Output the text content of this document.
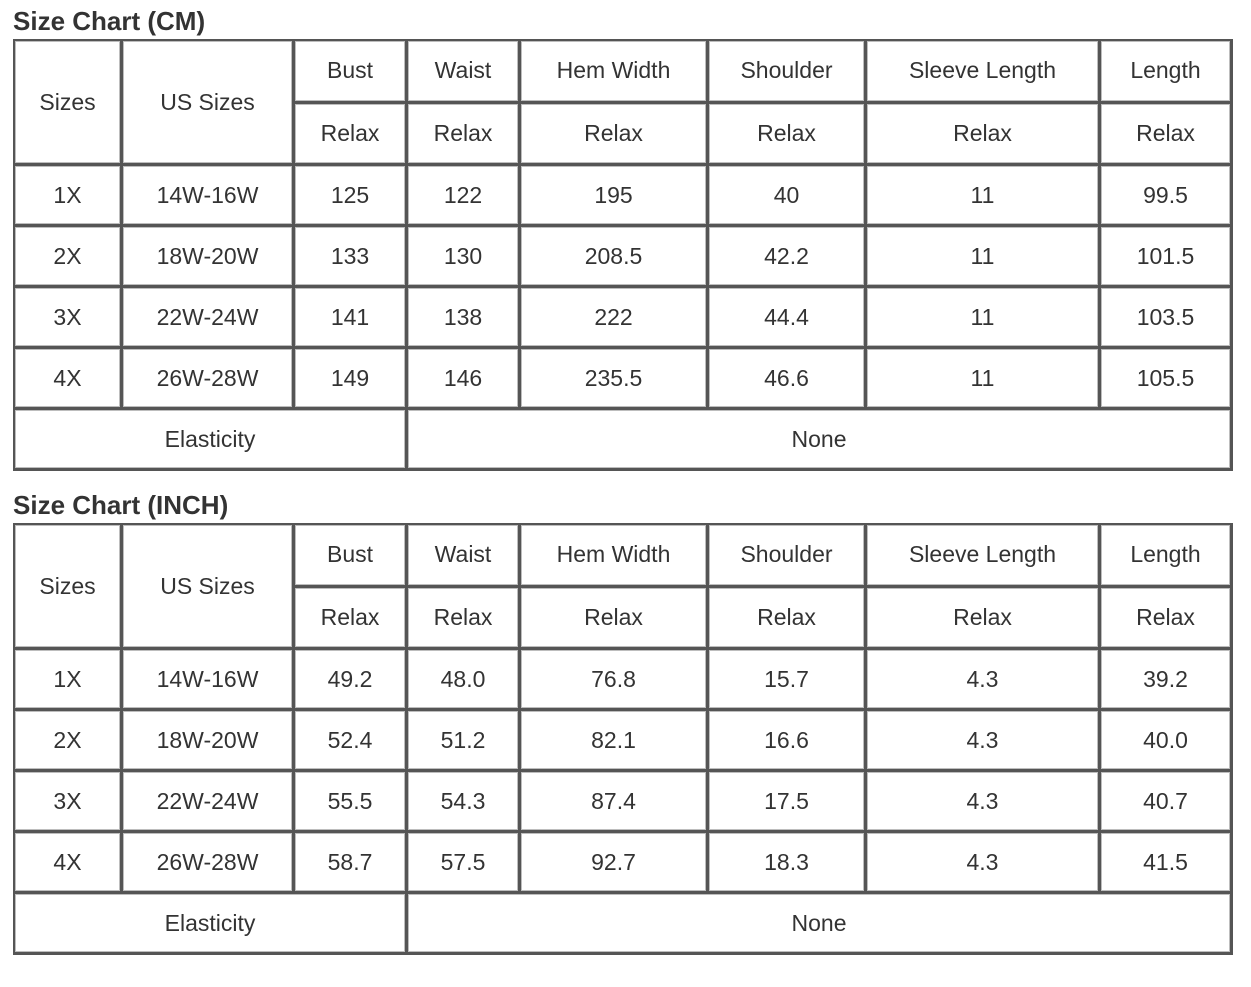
Size Chart (CM)
Sizes	US Sizes	Bust	Waist	Hem Width	Shoulder	Sleeve Length	Length
		Relax	Relax	Relax	Relax	Relax	Relax
1X	14W-16W	125	122	195	40	11	99.5
2X	18W-20W	133	130	208.5	42.2	11	101.5
3X	22W-24W	141	138	222	44.4	11	103.5
4X	26W-28W	149	146	235.5	46.6	11	105.5
Elasticity			None				
Size Chart (INCH)
Sizes	US Sizes	Bust	Waist	Hem Width	Shoulder	Sleeve Length	Length
		Relax	Relax	Relax	Relax	Relax	Relax
1X	14W-16W	49.2	48.0	76.8	15.7	4.3	39.2
2X	18W-20W	52.4	51.2	82.1	16.6	4.3	40.0
3X	22W-24W	55.5	54.3	87.4	17.5	4.3	40.7
4X	26W-28W	58.7	57.5	92.7	18.3	4.3	41.5
Elasticity			None				
